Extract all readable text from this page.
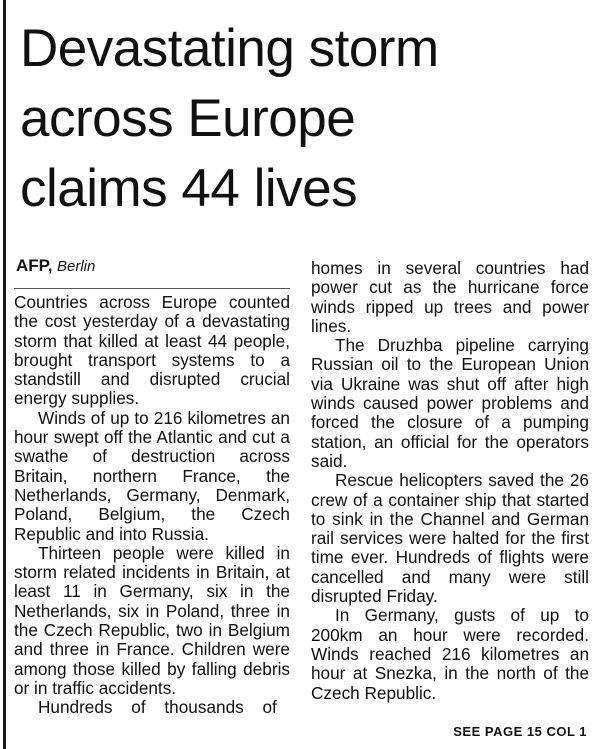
Devastating storm
across Europe
claims 44 lives
AFP, Berlin

Countries across Europe counted the cost yesterday of a devastating storm that killed at least 44 people, brought transport systems to a standstill and disrupted crucial energy supplies.

Winds of up to 216 kilometres an hour swept off the Atlantic and cut a swathe of destruction across Britain, northern France, the Netherlands, Germany, Denmark, Poland, Belgium, the Czech Republic and into Russia.

Thirteen people were killed in storm related incidents in Britain, at least 11 in Germany, six in the Netherlands, six in Poland, three in the Czech Republic, two in Belgium and three in France. Children were among those killed by falling debris or in traffic accidents.

Hundreds of thousands of

homes in several countries had power cut as the hurricane force winds ripped up trees and power lines.

The Druzhba pipeline carrying Russian oil to the European Union via Ukraine was shut off after high winds caused power problems and forced the closure of a pumping station, an official for the operators said.

Rescue helicopters saved the 26 crew of a container ship that started to sink in the Channel and German rail services were halted for the first time ever. Hundreds of flights were cancelled and many were still disrupted Friday.

In Germany, gusts of up to 200km an hour were recorded. Winds reached 216 kilometres an hour at Snezka, in the north of the Czech Republic.

SEE PAGE 15 COL 1
